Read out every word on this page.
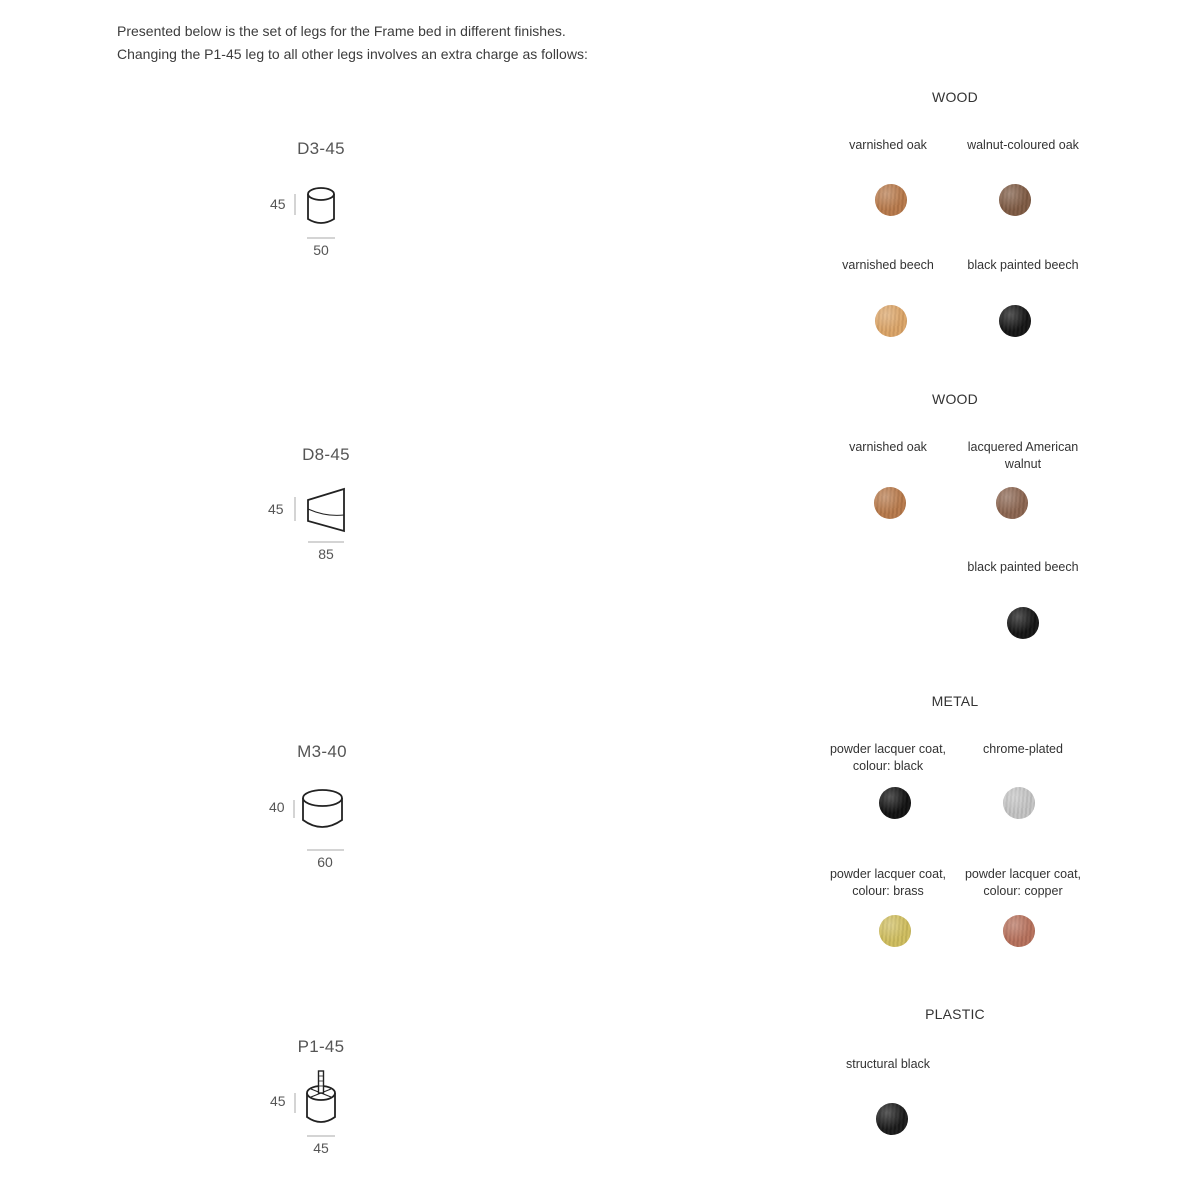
Presented below is the set of legs for the Frame bed in different finishes.
Changing the P1-45 leg to all other legs involves an extra charge as follows:
D3-45
45
50
D8-45
45
85
M3-40
40
60
P1-45
45
45
WOOD
varnished oak	walnut-coloured oak
varnished beech	black painted beech
WOOD
varnished oak	lacquered American walnut
black painted beech
METAL
powder lacquer coat, colour: black
chrome-plated
powder lacquer coat, colour: brass
powder lacquer coat, colour: copper
PLASTIC
structural black
